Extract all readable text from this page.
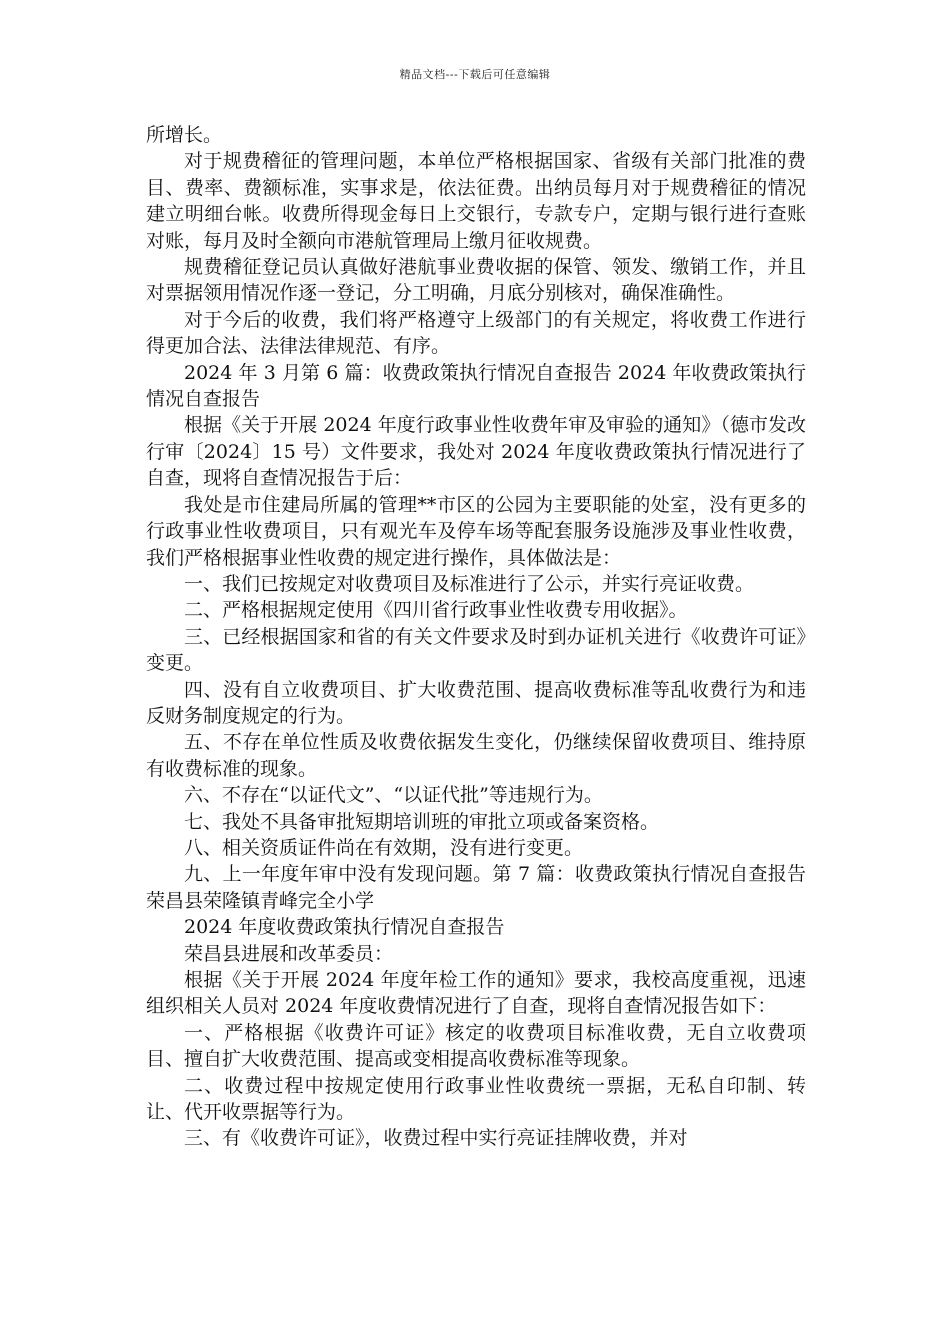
精品文档---下载后可任意编辑

所增长。

对于规费稽征的管理问题，本单位严格根据国家、省级有关部门批准的费目、费率、费额标准，实事求是，依法征费。出纳员每月对于规费稽征的情况建立明细台帐。收费所得现金每日上交银行，专款专户，定期与银行进行查账对账，每月及时全额向市港航管理局上缴月征收规费。

规费稽征登记员认真做好港航事业费收据的保管、领发、缴销工作，并且对票据领用情况作逐一登记，分工明确，月底分别核对，确保准确性。

对于今后的收费，我们将严格遵守上级部门的有关规定，将收费工作进行得更加合法、法律法律规范、有序。

2024 年 3 月第 6 篇：收费政策执行情况自查报告 2024 年收费政策执行情况自查报告

根据《关于开展 2024 年度行政事业性收费年审及审验的通知》（德市发改行审〔2024〕15 号）文件要求，我处对 2024 年度收费政策执行情况进行了自查，现将自查情况报告于后：

我处是市住建局所属的管理**市区的公园为主要职能的处室，没有更多的行政事业性收费项目，只有观光车及停车场等配套服务设施涉及事业性收费，我们严格根据事业性收费的规定进行操作，具体做法是：

一、我们已按规定对收费项目及标准进行了公示，并实行亮证收费。

二、严格根据规定使用《四川省行政事业性收费专用收据》。

三、已经根据国家和省的有关文件要求及时到办证机关进行《收费许可证》变更。

四、没有自立收费项目、扩大收费范围、提高收费标准等乱收费行为和违反财务制度规定的行为。

五、不存在单位性质及收费依据发生变化，仍继续保留收费项目、维持原有收费标准的现象。

六、不存在“以证代文”、“以证代批”等违规行为。

七、我处不具备审批短期培训班的审批立项或备案资格。

八、相关资质证件尚在有效期，没有进行变更。

九、上一年度年审中没有发现问题。第 7 篇：收费政策执行情况自查报告荣昌县荣隆镇青峰完全小学

2024 年度收费政策执行情况自查报告

荣昌县进展和改革委员：

根据《关于开展 2024 年度年检工作的通知》要求，我校高度重视，迅速组织相关人员对 2024 年度收费情况进行了自查，现将自查情况报告如下：

一、严格根据《收费许可证》核定的收费项目标准收费，无自立收费项目、擅自扩大收费范围、提高或变相提高收费标准等现象。

二、收费过程中按规定使用行政事业性收费统一票据，无私自印制、转让、代开收票据等行为。

三、有《收费许可证》，收费过程中实行亮证挂牌收费，并对
